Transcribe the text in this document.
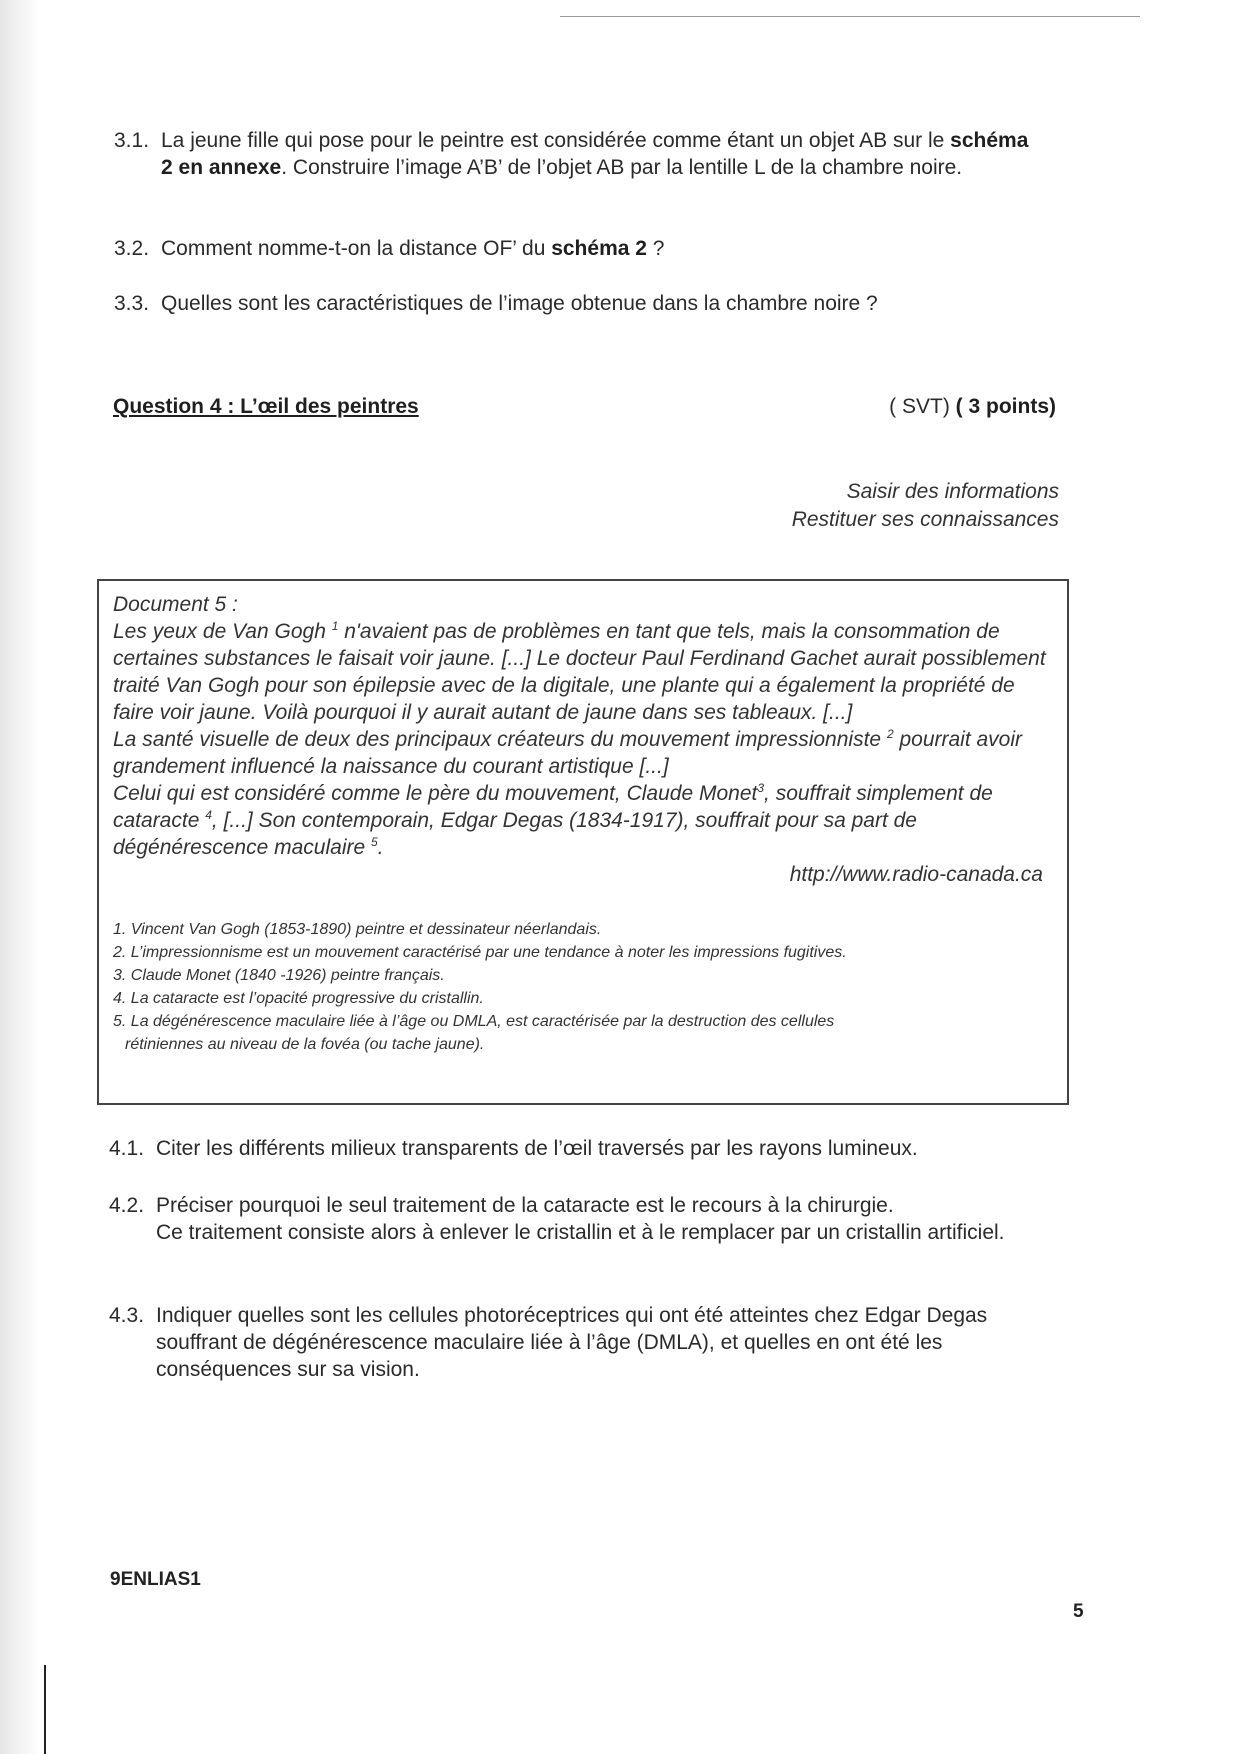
3.1. La jeune fille qui pose pour le peintre est considérée comme étant un objet AB sur le schéma 2 en annexe. Construire l’image A’B’ de l’objet AB par la lentille L de la chambre noire.
3.2. Comment nomme-t-on la distance OF’ du schéma 2 ?
3.3. Quelles sont les caractéristiques de l’image obtenue dans la chambre noire ?
Question 4 : L’œil des peintres	( SVT) ( 3 points)
Saisir des informations
Restituer ses connaissances

Document 5 :

Les yeux de Van Gogh $^1$ n'avaient pas de problèmes en tant que tels, mais la consommation de certaines substances le faisait voir jaune. [...] Le docteur Paul Ferdinand Gachet aurait possiblement traité Van Gogh pour son épilepsie avec de la digitale, une plante qui a également la propriété de faire voir jaune. Voilà pourquoi il y aurait autant de jaune dans ses tableaux. [...]

La santé visuelle de deux des principaux créateurs du mouvement impressionniste $^2$ pourrait avoir grandement influencé la naissance du courant artistique [...]

Celui qui est considéré comme le père du mouvement, Claude Monet$^3$, souffrait simplement de cataracte $^4$, [...] Son contemporain, Edgar Degas (1834-1917), souffrait pour sa part de dégénérescence maculaire $^5$.

http://www.radio-canada.ca

1. Vincent Van Gogh (1853-1890) peintre et dessinateur néerlandais.
2. L’impressionnisme est un mouvement caractérisé par une tendance à noter les impressions fugitives.
3. Claude Monet (1840 -1926) peintre français.
4. La cataracte est l’opacité progressive du cristallin.
5. La dégénérescence maculaire liée à l’âge ou DMLA, est caractérisée par la destruction des cellules
rétiniennes au niveau de la fovéa (ou tache jaune).
4.1. Citer les différents milieux transparents de l’œil traversés par les rayons lumineux.
4.2. Préciser pourquoi le seul traitement de la cataracte est le recours à la chirurgie.
Ce traitement consiste alors à enlever le cristallin et à le remplacer par un cristallin artificiel.
4.3. Indiquer quelles sont les cellules photoréceptrices qui ont été atteintes chez Edgar Degas souffrant de dégénérescence maculaire liée à l’âge (DMLA), et quelles en ont été les conséquences sur sa vision.
9ENLIAS1
5
